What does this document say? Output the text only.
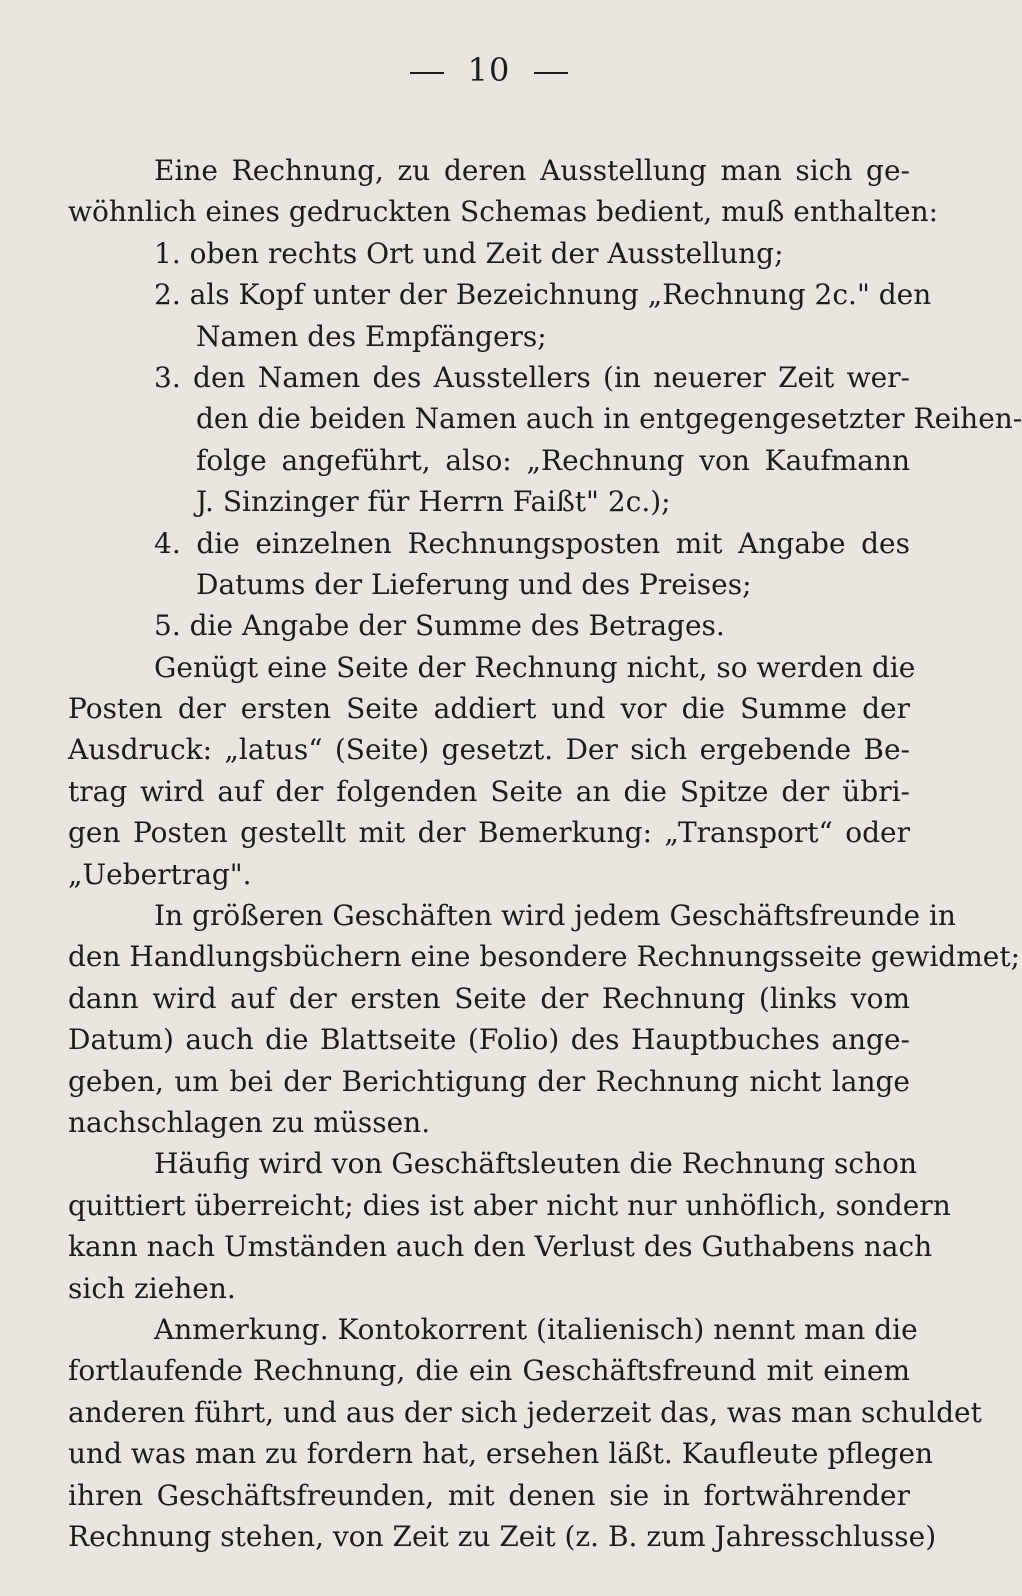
10
Eine Rechnung, zu deren Ausstellung man sich ge-
wöhnlich eines gedruckten Schemas bedient, muß enthalten:
1. oben rechts Ort und Zeit der Ausstellung;
2. als Kopf unter der Bezeichnung „Rechnung 2c." den
Namen des Empfängers;
3. den Namen des Ausstellers (in neuerer Zeit wer-
den die beiden Namen auch in entgegengesetzter Reihen-
folge angeführt, also: „Rechnung von Kaufmann
J. Sinzinger für Herrn Faißt" 2c.);
4. die einzelnen Rechnungsposten mit Angabe des
Datums der Lieferung und des Preises;
5. die Angabe der Summe des Betrages.
Genügt eine Seite der Rechnung nicht, so werden die
Posten der ersten Seite addiert und vor die Summe der
Ausdruck: „latus“ (Seite) gesetzt. Der sich ergebende Be-
trag wird auf der folgenden Seite an die Spitze der übri-
gen Posten gestellt mit der Bemerkung: „Transport“ oder
„Uebertrag".
In größeren Geschäften wird jedem Geschäftsfreunde in
den Handlungsbüchern eine besondere Rechnungsseite gewidmet;
dann wird auf der ersten Seite der Rechnung (links vom
Datum) auch die Blattseite (Folio) des Hauptbuches ange-
geben, um bei der Berichtigung der Rechnung nicht lange
nachschlagen zu müssen.
Häufig wird von Geschäftsleuten die Rechnung schon
quittiert überreicht; dies ist aber nicht nur unhöflich, sondern
kann nach Umständen auch den Verlust des Guthabens nach
sich ziehen.
Anmerkung. Kontokorrent (italienisch) nennt man die
fortlaufende Rechnung, die ein Geschäftsfreund mit einem
anderen führt, und aus der sich jederzeit das, was man schuldet
und was man zu fordern hat, ersehen läßt. Kaufleute pflegen
ihren Geschäftsfreunden, mit denen sie in fortwährender
Rechnung stehen, von Zeit zu Zeit (z. B. zum Jahresschlusse)
